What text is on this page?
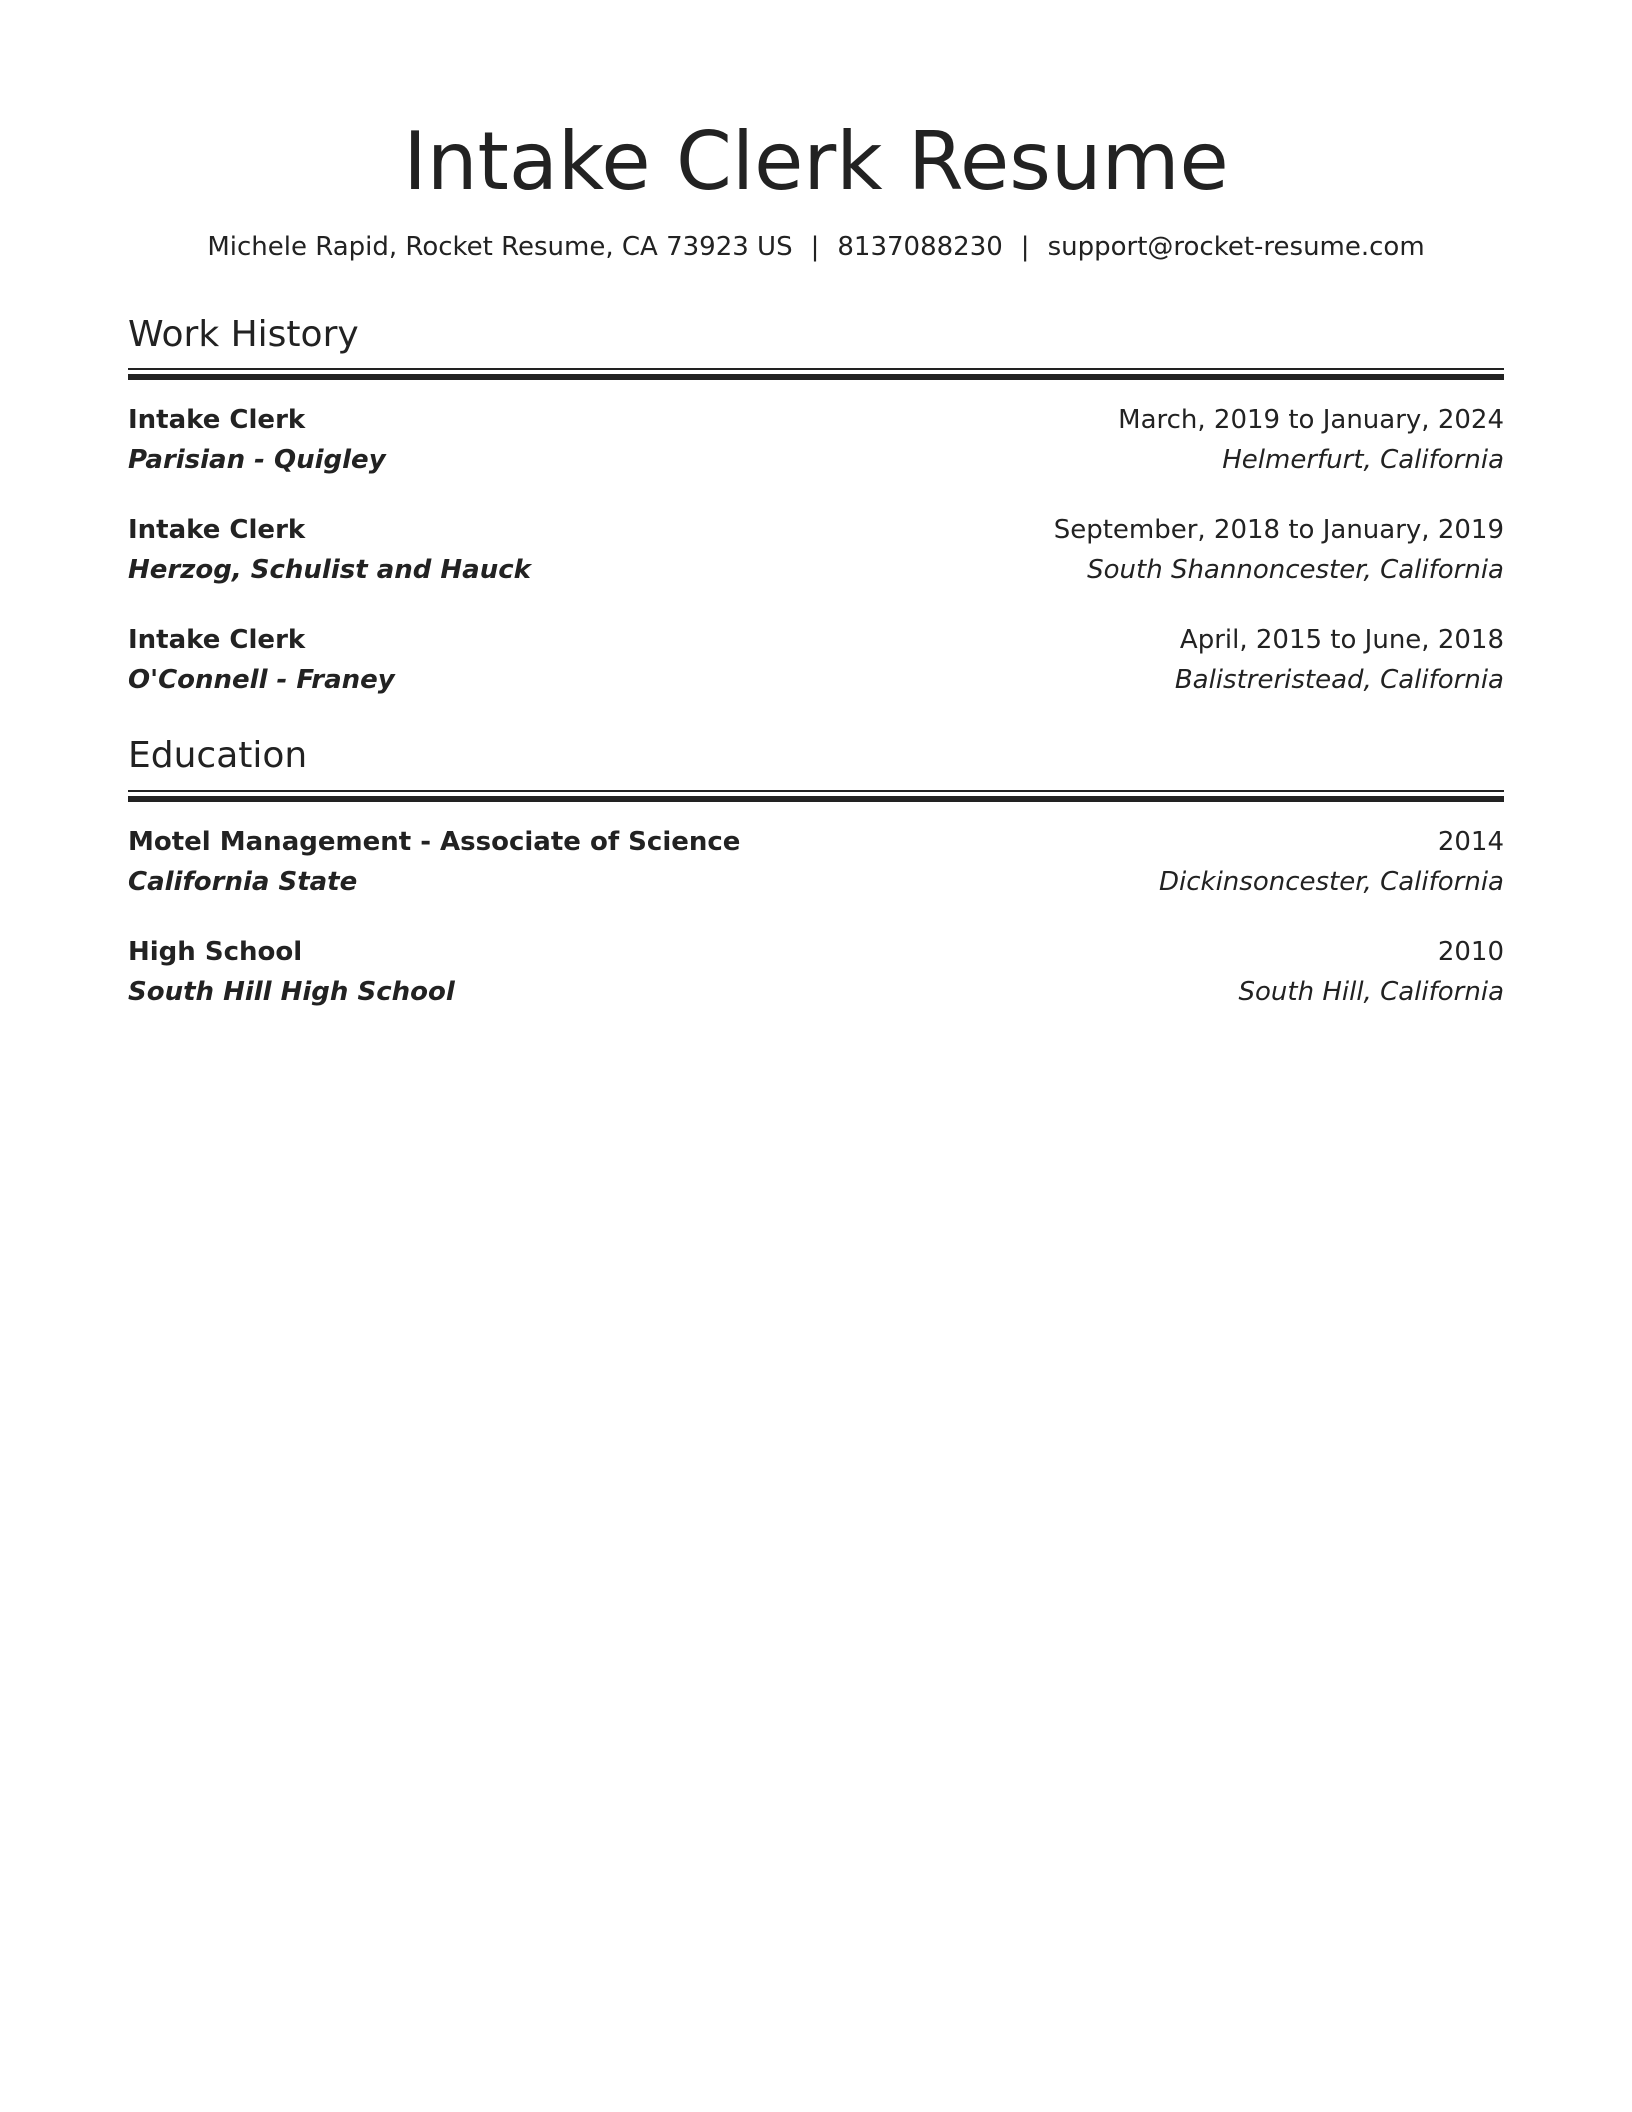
Intake Clerk Resume
Michele Rapid, Rocket Resume, CA 73923 US | 8137088230 | support@rocket-resume.com
Work History
Intake Clerk	March, 2019 to January, 2024
Parisian - Quigley	Helmerfurt, California
Intake Clerk	September, 2018 to January, 2019
Herzog, Schulist and Hauck	South Shannoncester, California
Intake Clerk	April, 2015 to June, 2018
O'Connell - Franey	Balistreristead, California
Education
Motel Management - Associate of Science	2014
California State	Dickinsoncester, California
High School	2010
South Hill High School	South Hill, California
